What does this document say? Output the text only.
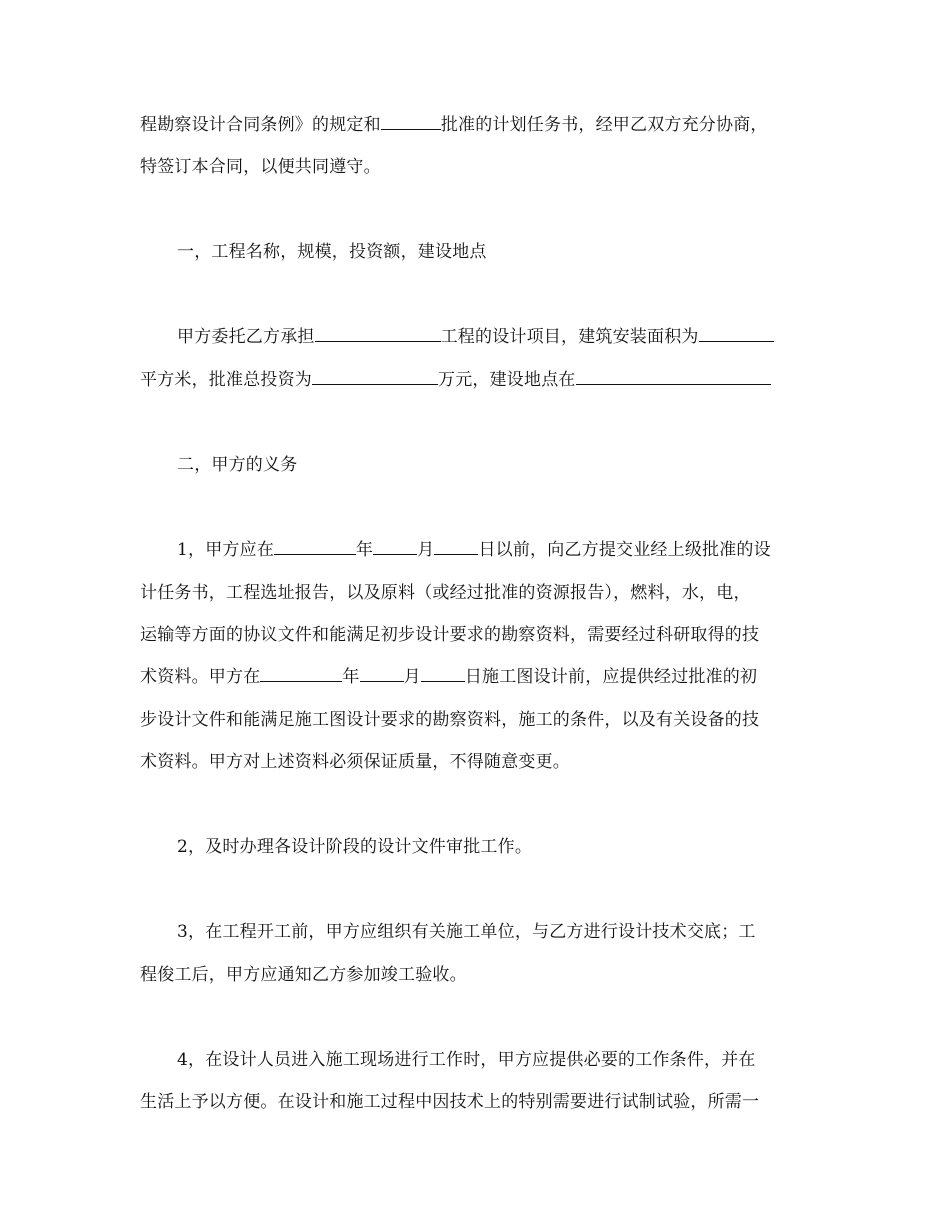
程勘察设计合同条例》的规定和	批准的计划任务书，经甲乙双方充分协商，
特签订本合同，以便共同遵守。
一，工程名称，规模，投资额，建设地点
甲方委托乙方承担	工程的设计项目，建筑安装面积为
平方米，批准总投资为	万元，建设地点在
二，甲方的义务
1，甲方应在	年	月	日以前，向乙方提交业经上级批准的设
计任务书，工程选址报告，以及原料（或经过批准的资源报告），燃料，水，电，
运输等方面的协议文件和能满足初步设计要求的勘察资料，需要经过科研取得的技
术资料。甲方在	年	月	日施工图设计前，应提供经过批准的初
步设计文件和能满足施工图设计要求的勘察资料，施工的条件，以及有关设备的技
术资料。甲方对上述资料必须保证质量，不得随意变更。
2，及时办理各设计阶段的设计文件审批工作。
3，在工程开工前，甲方应组织有关施工单位，与乙方进行设计技术交底；工
程俊工后，甲方应通知乙方参加竣工验收。
4，在设计人员进入施工现场进行工作时，甲方应提供必要的工作条件，并在
生活上予以方便。在设计和施工过程中因技术上的特别需要进行试制试验，所需一
